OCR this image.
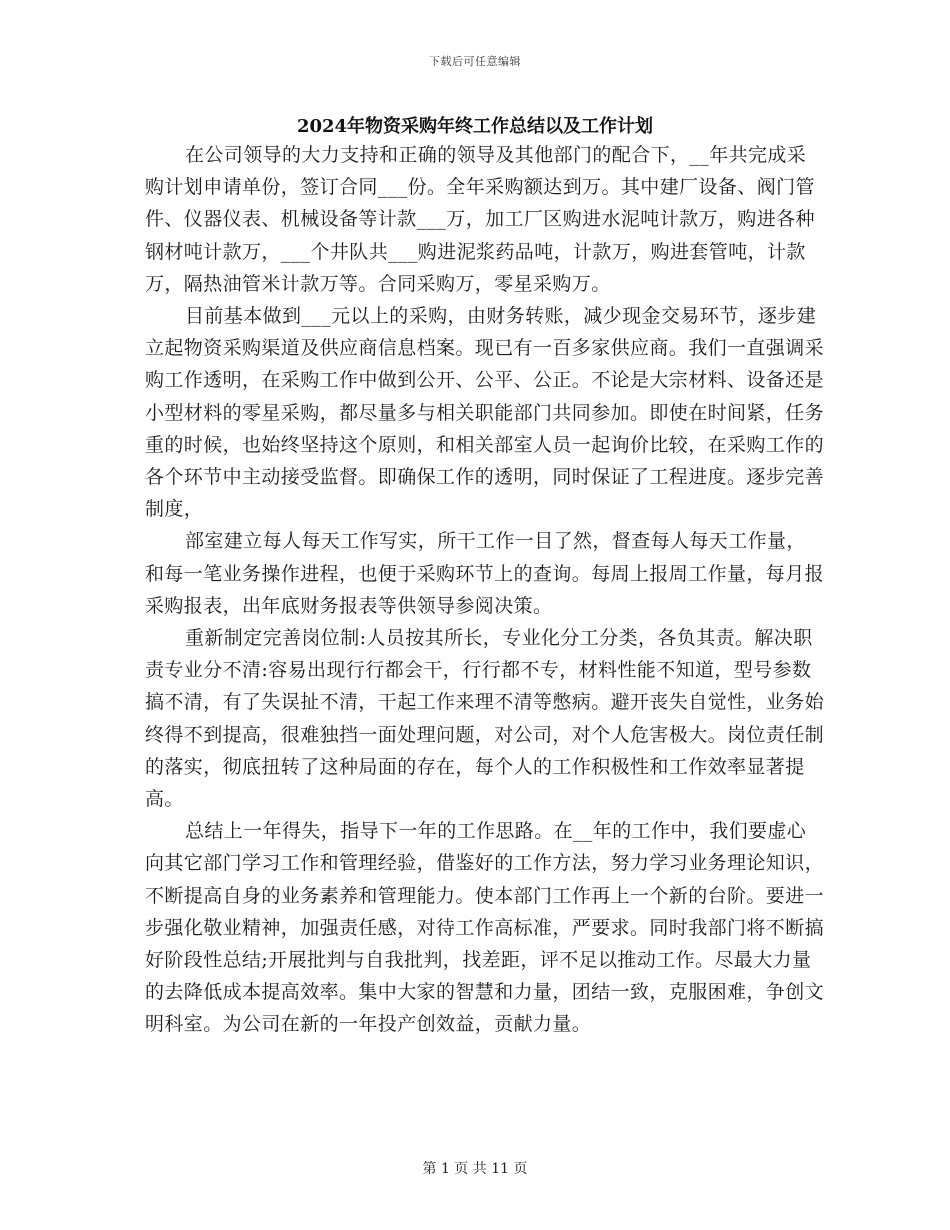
下载后可任意编辑
2024年物资采购年终工作总结以及工作计划

在公司领导的大力支持和正确的领导及其他部门的配合下，__年共完成采购计划申请单份，签订合同___份。全年采购额达到万。其中建厂设备、阀门管件、仪器仪表、机械设备等计款___万，加工厂区购进水泥吨计款万，购进各种钢材吨计款万，___个井队共___购进泥浆药品吨，计款万，购进套管吨，计款万，隔热油管米计款万等。合同采购万，零星采购万。

目前基本做到___元以上的采购，由财务转账，减少现金交易环节，逐步建立起物资采购渠道及供应商信息档案。现已有一百多家供应商。我们一直强调采购工作透明，在采购工作中做到公开、公平、公正。不论是大宗材料、设备还是小型材料的零星采购，都尽量多与相关职能部门共同参加。即使在时间紧，任务重的时候，也始终坚持这个原则，和相关部室人员一起询价比较，在采购工作的各个环节中主动接受监督。即确保工作的透明，同时保证了工程进度。逐步完善制度，

部室建立每人每天工作写实，所干工作一目了然，督查每人每天工作量，和每一笔业务操作进程，也便于采购环节上的查询。每周上报周工作量，每月报采购报表，出年底财务报表等供领导参阅决策。

重新制定完善岗位制:人员按其所长，专业化分工分类，各负其责。解决职责专业分不清:容易出现行行都会干，行行都不专，材料性能不知道，型号参数搞不清，有了失误扯不清，干起工作来理不清等憋病。避开丧失自觉性，业务始终得不到提高，很难独挡一面处理问题，对公司，对个人危害极大。岗位责任制的落实，彻底扭转了这种局面的存在，每个人的工作积极性和工作效率显著提高。

总结上一年得失，指导下一年的工作思路。在__年的工作中，我们要虚心向其它部门学习工作和管理经验，借鉴好的工作方法，努力学习业务理论知识，不断提高自身的业务素养和管理能力。使本部门工作再上一个新的台阶。要进一步强化敬业精神，加强责任感，对待工作高标准，严要求。同时我部门将不断搞好阶段性总结;开展批判与自我批判，找差距，评不足以推动工作。尽最大力量的去降低成本提高效率。集中大家的智慧和力量，团结一致，克服困难，争创文明科室。为公司在新的一年投产创效益，贡献力量。

第 1 页 共 11 页
